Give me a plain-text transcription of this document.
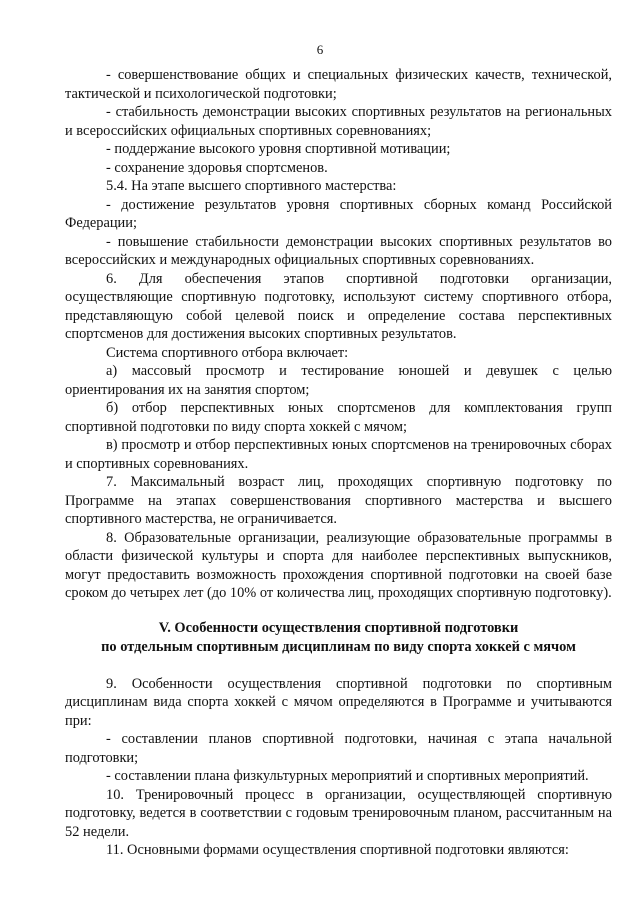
6

- совершенствование общих и специальных физических качеств, технической, тактической и психологической подготовки;

- стабильность демонстрации высоких спортивных результатов на региональных и всероссийских официальных спортивных соревнованиях;

- поддержание высокого уровня спортивной мотивации;

- сохранение здоровья спортсменов.

5.4. На этапе высшего спортивного мастерства:

- достижение результатов уровня спортивных сборных команд Российской Федерации;

- повышение стабильности демонстрации высоких спортивных результатов во всероссийских и международных официальных спортивных соревнованиях.

6. Для обеспечения этапов спортивной подготовки организации, осуществляющие спортивную подготовку, используют систему спортивного отбора, представляющую собой целевой поиск и определение состава перспективных спортсменов для достижения высоких спортивных результатов.

Система спортивного отбора включает:

а) массовый просмотр и тестирование юношей и девушек с целью ориентирования их на занятия спортом;

б) отбор перспективных юных спортсменов для комплектования групп спортивной подготовки по виду спорта хоккей с мячом;

в) просмотр и отбор перспективных юных спортсменов на тренировочных сборах и спортивных соревнованиях.

7. Максимальный возраст лиц, проходящих спортивную подготовку по Программе на этапах совершенствования спортивного мастерства и высшего спортивного мастерства, не ограничивается.

8. Образовательные организации, реализующие образовательные программы в области физической культуры и спорта для наиболее перспективных выпускников, могут предоставить возможность прохождения спортивной подготовки на своей базе сроком до четырех лет (до 10% от количества лиц, проходящих спортивную подготовку).

V. Особенности осуществления спортивной подготовки
по отдельным спортивным дисциплинам по виду спорта хоккей с мячом

9. Особенности осуществления спортивной подготовки по спортивным дисциплинам вида спорта хоккей с мячом определяются в Программе и учитываются при:

- составлении планов спортивной подготовки, начиная с этапа начальной подготовки;

- составлении плана физкультурных мероприятий и спортивных мероприятий.

10. Тренировочный процесс в организации, осуществляющей спортивную подготовку, ведется в соответствии с годовым тренировочным планом, рассчитанным на 52 недели.

11. Основными формами осуществления спортивной подготовки являются:
